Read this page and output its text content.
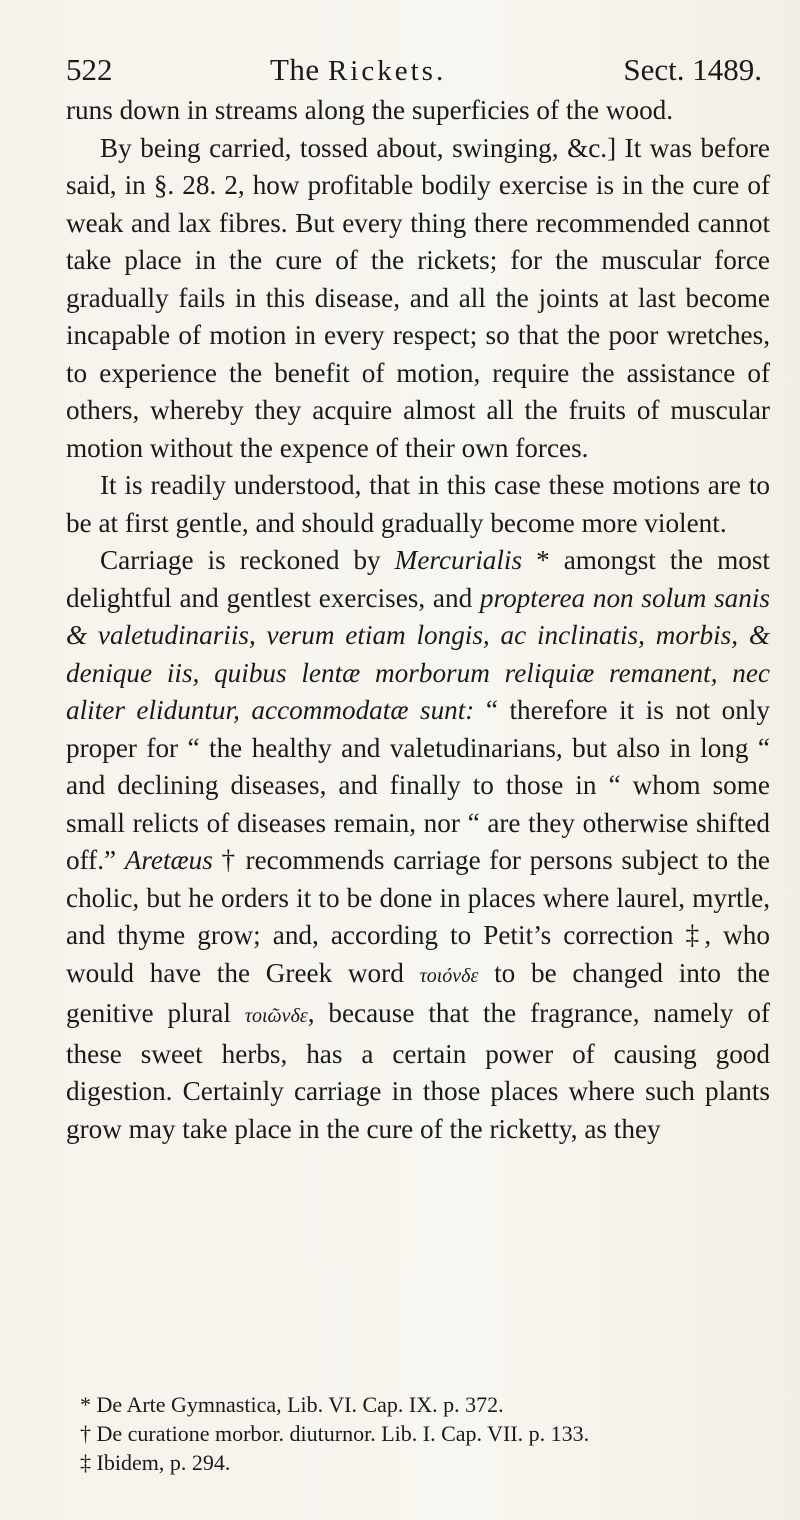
522	The Rickets.	Sect. 1489.

runs down in streams along the superficies of the wood.

By being carried, tossed about, swinging, &c.] It was before said, in §. 28. 2, how profitable bodily exercise is in the cure of weak and lax fibres. But every thing there recommended cannot take place in the cure of the rickets; for the muscular force gradually fails in this disease, and all the joints at last become incapable of motion in every respect; so that the poor wretches, to experience the benefit of motion, require the assistance of others, whereby they acquire almost all the fruits of muscular motion without the expence of their own forces.

It is readily understood, that in this case these motions are to be at first gentle, and should gradually become more violent.

Carriage is reckoned by Mercurialis * amongst the most delightful and gentlest exercises, and propterea non solum sanis & valetudinariis, verum etiam longis, ac inclinatis, morbis, & denique iis, quibus lentæ morborum reliquiæ remanent, nec aliter eliduntur, accommodatæ sunt: “ therefore it is not only proper for “ the healthy and valetudinarians, but also in long “ and declining diseases, and finally to those in “ whom some small relicts of diseases remain, nor “ are they otherwise shifted off.” Aretæus † recommends carriage for persons subject to the cholic, but he orders it to be done in places where laurel, myrtle, and thyme grow; and, according to Petit’s correction ‡, who would have the Greek word τοιόνδε to be changed into the genitive plural τοιῶνδε, because that the fragrance, namely of these sweet herbs, has a certain power of causing good digestion. Certainly carriage in those places where such plants grow may take place in the cure of the ricketty, as they

* De Arte Gymnastica, Lib. VI. Cap. IX. p. 372.
† De curatione morbor. diuturnor. Lib. I. Cap. VII. p. 133.
‡ Ibidem, p. 294.
